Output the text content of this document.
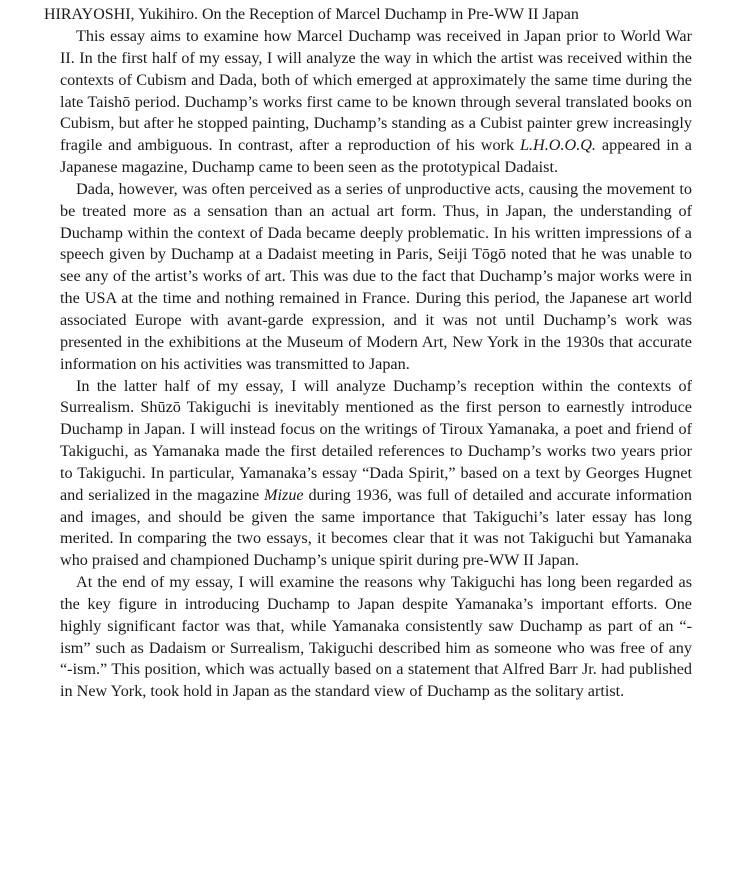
HIRAYOSHI, Yukihiro. On the Reception of Marcel Duchamp in Pre-WW II Japan

This essay aims to examine how Marcel Duchamp was received in Japan prior to World War II. In the first half of my essay, I will analyze the way in which the artist was received within the contexts of Cubism and Dada, both of which emerged at approximately the same time during the late Taishō period. Duchamp’s works first came to be known through several translated books on Cubism, but after he stopped painting, Duchamp’s standing as a Cubist painter grew increasingly fragile and ambiguous. In contrast, after a reproduction of his work L.H.O.O.Q. appeared in a Japanese magazine, Duchamp came to been seen as the prototypical Dadaist.

Dada, however, was often perceived as a series of unproductive acts, causing the movement to be treated more as a sensation than an actual art form. Thus, in Japan, the understanding of Duchamp within the context of Dada became deeply problematic. In his written impressions of a speech given by Duchamp at a Dadaist meeting in Paris, Seiji Tōgō noted that he was unable to see any of the artist’s works of art. This was due to the fact that Duchamp’s major works were in the USA at the time and nothing remained in France. During this period, the Japanese art world associated Europe with avant-garde expression, and it was not until Duchamp’s work was presented in the exhibitions at the Museum of Modern Art, New York in the 1930s that accurate information on his activities was transmitted to Japan.

In the latter half of my essay, I will analyze Duchamp’s reception within the contexts of Surrealism. Shūzō Takiguchi is inevitably mentioned as the first person to earnestly introduce Duchamp in Japan. I will instead focus on the writings of Tiroux Yamanaka, a poet and friend of Takiguchi, as Yamanaka made the first detailed references to Duchamp’s works two years prior to Takiguchi. In particular, Yamanaka’s essay “Dada Spirit,” based on a text by Georges Hugnet and serialized in the magazine Mizue during 1936, was full of detailed and accurate information and images, and should be given the same importance that Takiguchi’s later essay has long merited. In comparing the two essays, it becomes clear that it was not Takiguchi but Yamanaka who praised and championed Duchamp’s unique spirit during pre-WW II Japan.

At the end of my essay, I will examine the reasons why Takiguchi has long been regarded as the key figure in introducing Duchamp to Japan despite Yamanaka’s important efforts. One highly significant factor was that, while Yamanaka consistently saw Duchamp as part of an “-ism” such as Dadaism or Surrealism, Takiguchi described him as someone who was free of any “-ism.” This position, which was actually based on a statement that Alfred Barr Jr. had published in New York, took hold in Japan as the standard view of Duchamp as the solitary artist.
